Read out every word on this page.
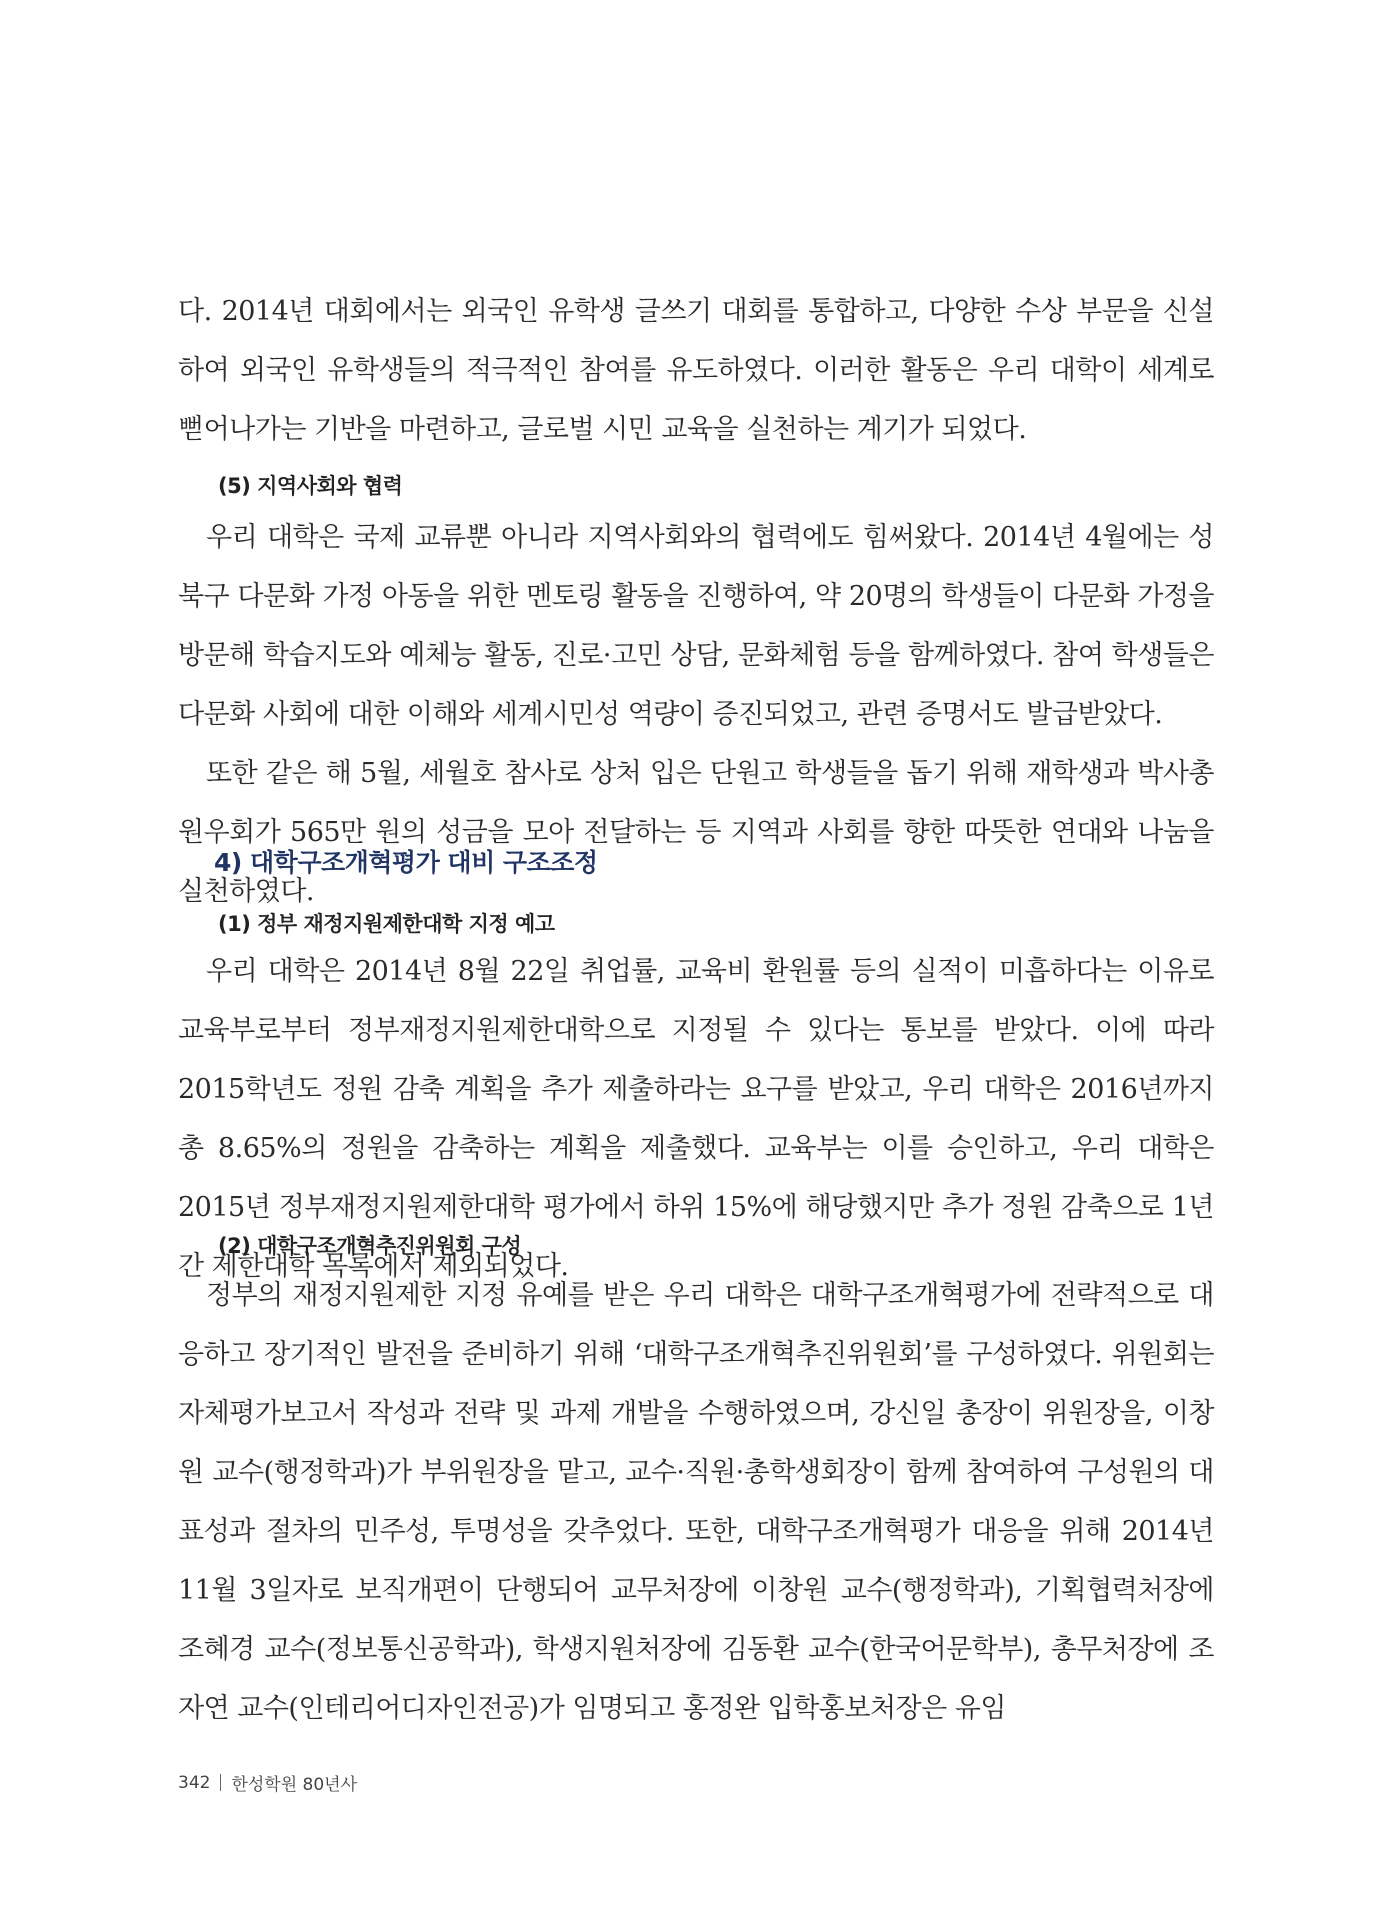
다. 2014년 대회에서는 외국인 유학생 글쓰기 대회를 통합하고, 다양한 수상 부문을 신설하여 외국인 유학생들의 적극적인 참여를 유도하였다. 이러한 활동은 우리 대학이 세계로 뻗어나가는 기반을 마련하고, 글로벌 시민 교육을 실천하는 계기가 되었다.

(5) 지역사회와 협력

우리 대학은 국제 교류뿐 아니라 지역사회와의 협력에도 힘써왔다. 2014년 4월에는 성북구 다문화 가정 아동을 위한 멘토링 활동을 진행하여, 약 20명의 학생들이 다문화 가정을 방문해 학습지도와 예체능 활동, 진로·고민 상담, 문화체험 등을 함께하였다. 참여 학생들은 다문화 사회에 대한 이해와 세계시민성 역량이 증진되었고, 관련 증명서도 발급받았다.

또한 같은 해 5월, 세월호 참사로 상처 입은 단원고 학생들을 돕기 위해 재학생과 박사총원우회가 565만 원의 성금을 모아 전달하는 등 지역과 사회를 향한 따뜻한 연대와 나눔을 실천하였다.

4) 대학구조개혁평가 대비 구조조정
(1) 정부 재정지원제한대학 지정 예고

우리 대학은 2014년 8월 22일 취업률, 교육비 환원률 등의 실적이 미흡하다는 이유로 교육부로부터 정부재정지원제한대학으로 지정될 수 있다는 통보를 받았다. 이에 따라 2015학년도 정원 감축 계획을 추가 제출하라는 요구를 받았고, 우리 대학은 2016년까지 총 8.65%의 정원을 감축하는 계획을 제출했다. 교육부는 이를 승인하고, 우리 대학은 2015년 정부재정지원제한대학 평가에서 하위 15%에 해당했지만 추가 정원 감축으로 1년간 제한대학 목록에서 제외되었다.

(2) 대학구조개혁추진위원회 구성

정부의 재정지원제한 지정 유예를 받은 우리 대학은 대학구조개혁평가에 전략적으로 대응하고 장기적인 발전을 준비하기 위해 ‘대학구조개혁추진위원회’를 구성하였다. 위원회는 자체평가보고서 작성과 전략 및 과제 개발을 수행하였으며, 강신일 총장이 위원장을, 이창원 교수(행정학과)가 부위원장을 맡고, 교수·직원·총학생회장이 함께 참여하여 구성원의 대표성과 절차의 민주성, 투명성을 갖추었다. 또한, 대학구조개혁평가 대응을 위해 2014년 11월 3일자로 보직개편이 단행되어 교무처장에 이창원 교수(행정학과), 기획협력처장에 조혜경 교수(정보통신공학과), 학생지원처장에 김동환 교수(한국어문학부), 총무처장에 조자연 교수(인테리어디자인전공)가 임명되고 홍정완 입학홍보처장은 유임

342 한성학원 80년사
